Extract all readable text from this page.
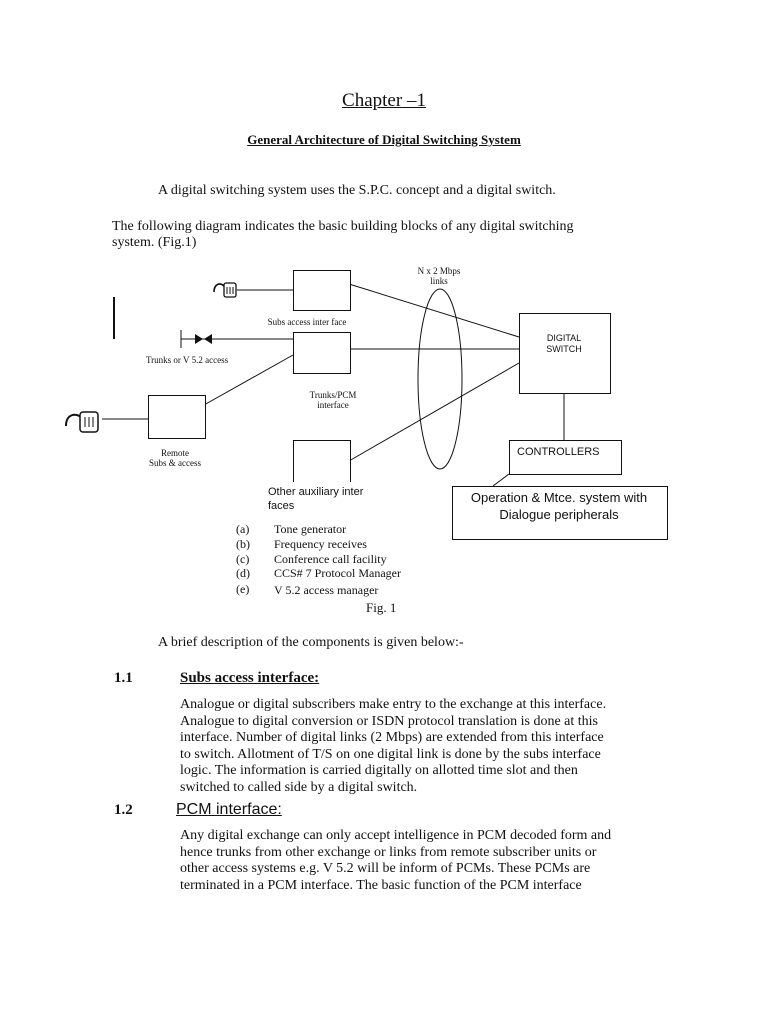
Chapter –1
General Architecture of Digital Switching System
A digital switching system uses the S.P.C. concept and a digital switch.
The following diagram indicates the basic building blocks of any digital switching
system. (Fig.1)
N x 2 Mbps
links
Subs access inter face
Trunks or V 5.2 access
Trunks/PCM
interface
Remote
Subs & access
DIGITAL
SWITCH
CONTROLLERS
Operation & Mtce. system with
Dialogue peripherals
Other auxiliary inter
faces
(a) Tone generator
(b) Frequency receives
(c) Conference call facility
(d) CCS# 7 Protocol Manager
(e) V 5.2 access manager
Fig. 1
A brief description of the components is given below:-
1.1	Subs access interface:
Analogue or digital subscribers make entry to the exchange at this interface.
Analogue to digital conversion or ISDN protocol translation is done at this
interface. Number of digital links (2 Mbps) are extended from this interface
to switch. Allotment of T/S on one digital link is done by the subs interface
logic. The information is carried digitally on allotted time slot and then
switched to called side by a digital switch.
1.2	PCM interface:
Any digital exchange can only accept intelligence in PCM decoded form and
hence trunks from other exchange or links from remote subscriber units or
other access systems e.g. V 5.2 will be inform of PCMs. These PCMs are
terminated in a PCM interface. The basic function of the PCM interface
